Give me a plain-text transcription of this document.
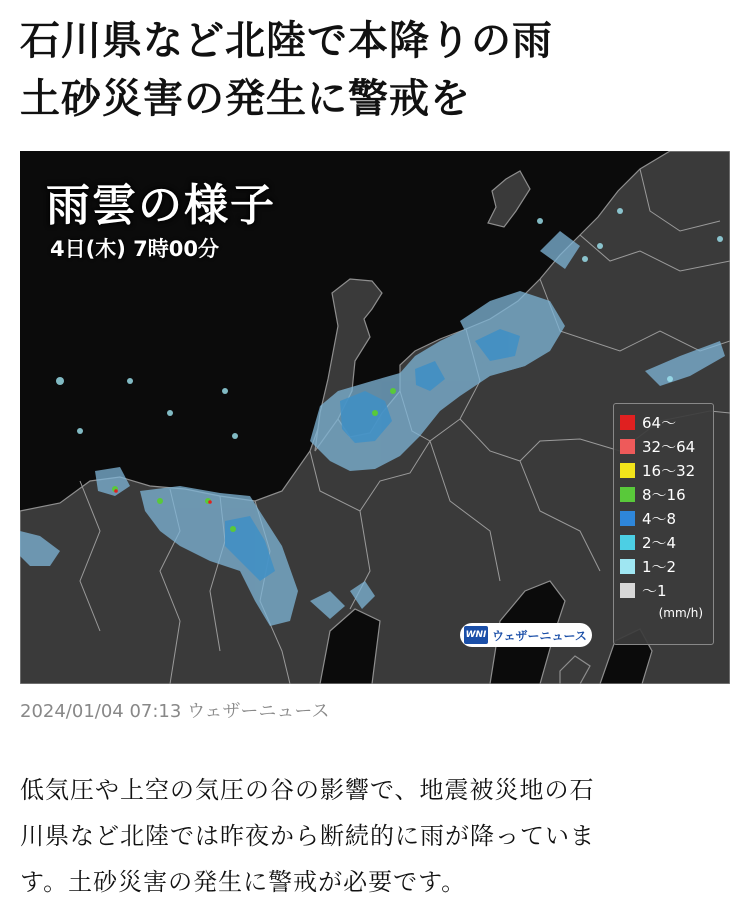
石川県など北陸で本降りの雨
土砂災害の発生に警戒を
雨雲の様子
4日(木) 7時00分
64～
32～64
16～32
8～16
4～8
2～4
1～2
～1
(mm/h)
WNI ウェザーニュース
2024/01/04 07:13 ウェザーニュース
低気圧や上空の気圧の谷の影響で、地震被災地の石
川県など北陸では昨夜から断続的に雨が降っていま
す。土砂災害の発生に警戒が必要です。
